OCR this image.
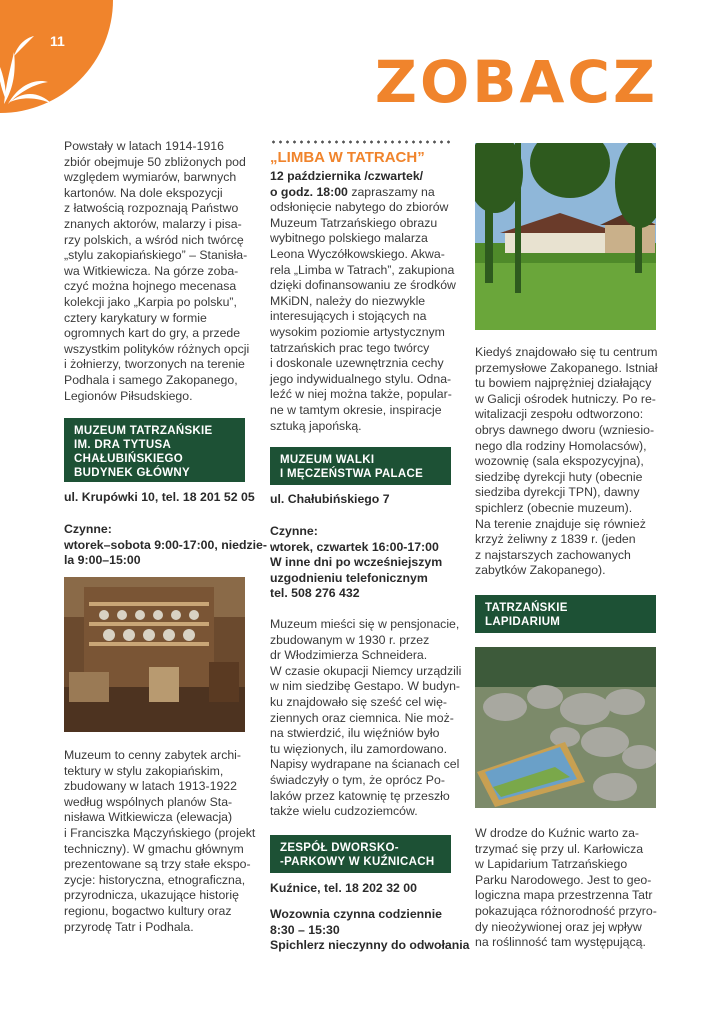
11
ZOBACZ
Powstały w latach 1914-1916
zbiór obejmuje 50 zbliżonych pod
względem wymiarów, barwnych
kartonów. Na dole ekspozycji
z łatwością rozpoznają Państwo
znanych aktorów, malarzy i pisa-
rzy polskich, a wśród nich twórcę
„stylu zakopiańskiego” – Stanisła-
wa Witkiewicza. Na górze zoba-
czyć można hojnego mecenasa
kolekcji jako „Karpia po polsku”,
cztery karykatury w formie
ogromnych kart do gry, a przede
wszystkim polityków różnych opcji
i żołnierzy, tworzonych na terenie
Podhala i samego Zakopanego,
Legionów Piłsudskiego.
MUZEUM TATRZAŃSKIE
IM. DRA TYTUSA
CHAŁUBIŃSKIEGO
BUDYNEK GŁÓWNY
ul. Krupówki 10, tel. 18 201 52 05
Czynne:
wtorek–sobota 9:00-17:00, niedzie-
la 9:00–15:00
Muzeum to cenny zabytek archi-
tektury w stylu zakopiańskim,
zbudowany w latach 1913-1922
według wspólnych planów Sta-
nisława Witkiewicza (elewacja)
i Franciszka Mączyńskiego (projekt
techniczny). W gmachu głównym
prezentowane są trzy stałe ekspo-
zycje: historyczna, etnograficzna,
przyrodnicza, ukazujące historię
regionu, bogactwo kultury oraz
przyrodę Tatr i Podhala.
„LIMBA W TATRACH”
12 października /czwartek/
o godz. 18:00 zapraszamy na
odsłonięcie nabytego do zbiorów
Muzeum Tatrzańskiego obrazu
wybitnego polskiego malarza
Leona Wyczółkowskiego. Akwa-
rela „Limba w Tatrach”, zakupiona
dzięki dofinansowaniu ze środków
MKiDN, należy do niezwykle
interesujących i stojących na
wysokim poziomie artystycznym
tatrzańskich prac tego twórcy
i doskonale uzewnętrznia cechy
jego indywidualnego stylu. Odna-
leźć w niej można także, popular-
ne w tamtym okresie, inspiracje
sztuką japońską.
MUZEUM WALKI
I MĘCZEŃSTWA PALACE
ul. Chałubińskiego 7
Czynne:
wtorek, czwartek 16:00-17:00
W inne dni po wcześniejszym
uzgodnieniu telefonicznym
tel. 508 276 432
Muzeum mieści się w pensjonacie,
zbudowanym w 1930 r. przez
dr Włodzimierza Schneidera.
W czasie okupacji Niemcy urządzili
w nim siedzibę Gestapo. W budyn-
ku znajdowało się sześć cel wię-
ziennych oraz ciemnica. Nie moż-
na stwierdzić, ilu więźniów było
tu więzionych, ilu zamordowano.
Napisy wydrapane na ścianach cel
świadczyły o tym, że oprócz Po-
laków przez katownię tę przeszło
także wielu cudzoziemców.
ZESPÓŁ DWORSKO-
-PARKOWY W KUŹNICACH
Kuźnice, tel. 18 202 32 00
Wozownia czynna codziennie
8:30 – 15:30
Spichlerz nieczynny do odwołania
Kiedyś znajdowało się tu centrum
przemysłowe Zakopanego. Istniał
tu bowiem najprężniej działający
w Galicji ośrodek hutniczy. Po re-
witalizacji zespołu odtworzono:
obrys dawnego dworu (wzniesio-
nego dla rodziny Homolacsów),
wozownię (sala ekspozycyjna),
siedzibę dyrekcji huty (obecnie
siedziba dyrekcji TPN), dawny
spichlerz (obecnie muzeum).
Na terenie znajduje się również
krzyż żeliwny z 1839 r. (jeden
z najstarszych zachowanych
zabytków Zakopanego).
TATRZAŃSKIE
LAPIDARIUM
W drodze do Kuźnic warto za-
trzymać się przy ul. Karłowicza
w Lapidarium Tatrzańskiego
Parku Narodowego. Jest to geo-
logiczna mapa przestrzenna Tatr
pokazująca różnorodność przyro-
dy nieożywionej oraz jej wpływ
na roślinność tam występującą.
